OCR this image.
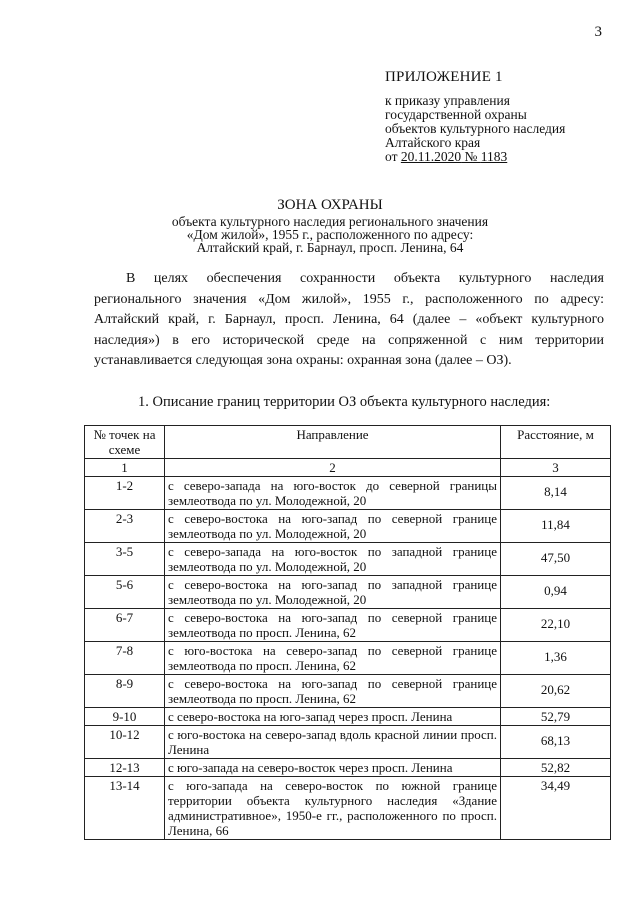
3
ПРИЛОЖЕНИЕ 1
к приказу управления
государственной охраны
объектов культурного наследия
Алтайского края
от 20.11.2020 № 1183
ЗОНА ОХРАНЫ
объекта культурного наследия регионального значения
«Дом жилой», 1955 г., расположенного по адресу:
Алтайский край, г. Барнаул, просп. Ленина, 64
В целях обеспечения сохранности объекта культурного наследия регионального значения «Дом жилой», 1955 г., расположенного по адресу: Алтайский край, г. Барнаул, просп. Ленина, 64 (далее – «объект культурного наследия») в его исторической среде на сопряженной с ним территории устанавливается следующая зона охраны: охранная зона (далее – ОЗ).
1. Описание границ территории ОЗ объекта культурного наследия:
№ точек на схеме	Направление	Расстояние, м
1	2	3
1-2	с северо-запада на юго-восток до северной границы землеотвода по ул. Молодежной, 20	8,14

2-3	с северо-востока на юго-запад по северной границе землеотвода по ул. Молодежной, 20	11,84

3-5	с северо-запада на юго-восток по западной границе землеотвода по ул. Молодежной, 20	47,50

5-6	с северо-востока на юго-запад по западной границе землеотвода по ул. Молодежной, 20	0,94

6-7	с северо-востока на юго-запад по северной границе землеотвода по просп. Ленина, 62	22,10

7-8	с юго-востока на северо-запад по северной границе землеотвода по просп. Ленина, 62	1,36

8-9	с северо-востока на юго-запад по северной границе землеотвода по просп. Ленина, 62	20,62

9-10	с северо-востока на юго-запад через просп. Ленина	52,79

10-12	с юго-востока на северо-запад вдоль красной линии просп. Ленина	68,13

12-13	с юго-запада на северо-восток через просп. Ленина	52,82

13-14	с юго-запада на северо-восток по южной границе территории объекта культурного наследия «Здание административное», 1950-е гг., расположенного по просп. Ленина, 66	34,49
